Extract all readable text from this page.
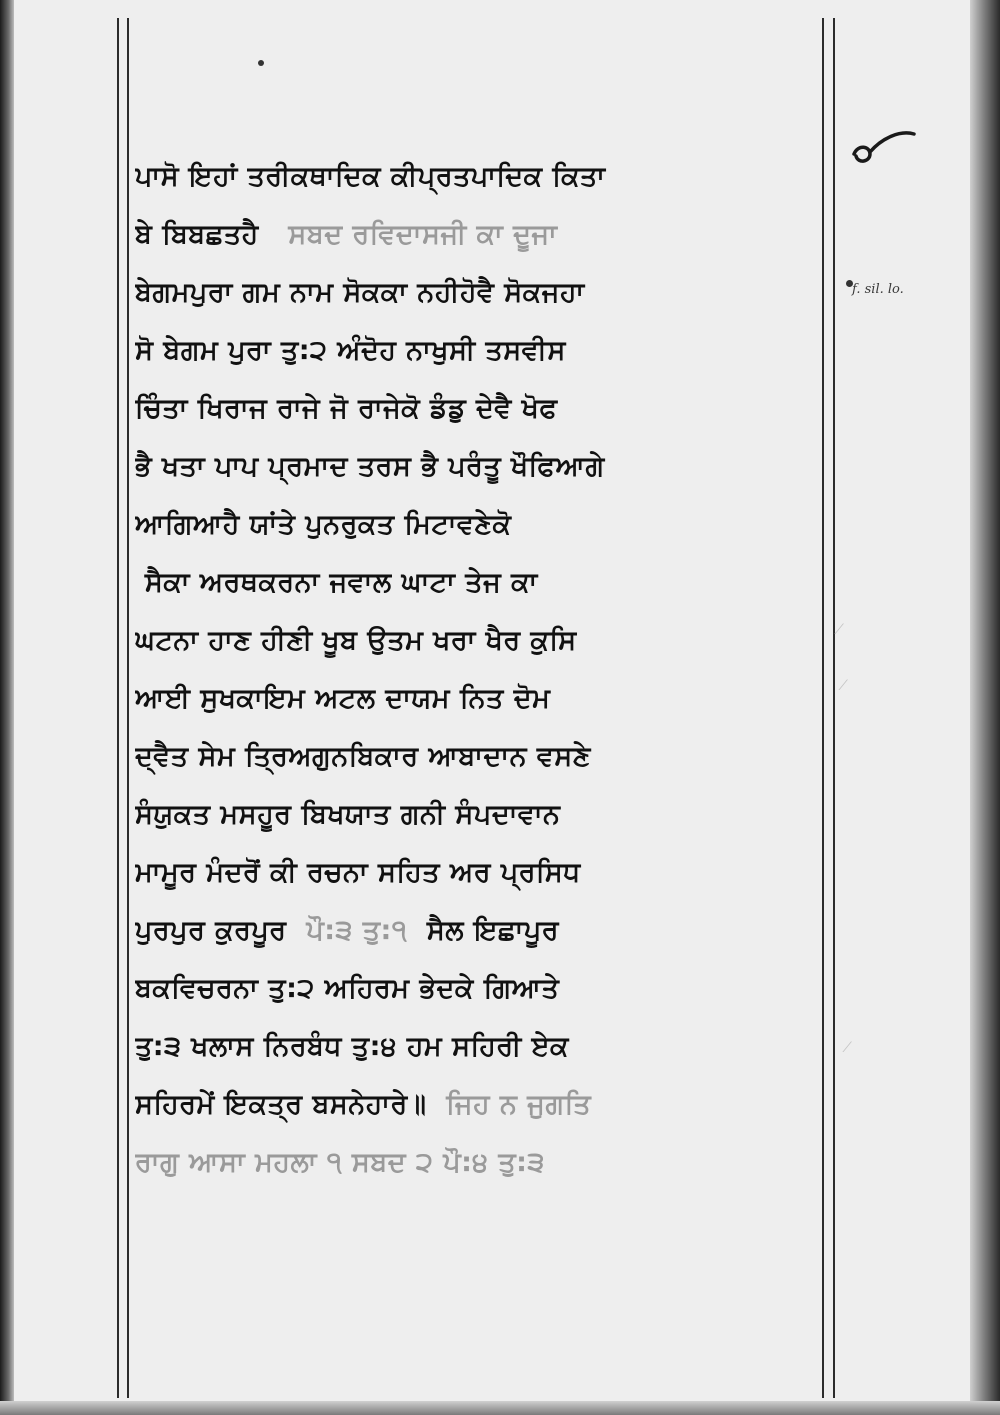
੮
f. sil. lo.
⁄
⁄
⁄
ਪਾਸੋ ਇਹਾਂ ਤਰੀਕਥਾਦਿਕ ਕੀਪ੍ਰਤਪਾਦਿਕ ਕਿਤਾ
ਬੇ ਬਿਬਛਤਹੈ ਸਬਦ ਰਵਿਦਾਸਜੀ ਕਾ ਦੂਜਾ
ਬੇਗਮਪੁਰਾ ਗਮ ਨਾਮ ਸੋਕਕਾ ਨਹੀਹੋਵੈ ਸੋਕਜਹਾ
ਸੋ ਬੇਗਮ ਪੁਰਾ ਤੁ:੨ ਅੰਦੋਹ ਨਾਖੁਸੀ ਤਸਵੀਸ
ਚਿੰਤਾ ਖਿਰਾਜ ਰਾਜੇ ਜੋ ਰਾਜੇਕੋ ਡੰਡੁ ਦੇਵੈ ਖੋਫ
ਭੈ ਖਤਾ ਪਾਪ ਪ੍ਰਮਾਦ ਤਰਸ ਭੈ ਪਰੰਤੂ ਖੌਫਿਆਗੇ
ਆਗਿਆਹੈ ਯਾਂਤੇ ਪੁਨਰੁਕਤ ਮਿਟਾਵਣੇਕੋ
ਸੈਕਾ ਅਰਥਕਰਨਾ ਜਵਾਲ ਘਾਟਾ ਤੇਜ ਕਾ
ਘਟਨਾ ਹਾਣ ਹੀਣੀ ਖੂਬ ਉਤਮ ਖਰਾ ਖੈਰ ਕੁਸਿ
ਆਈ ਸੁਖਕਾਇਮ ਅਟਲ ਦਾਯਮ ਨਿਤ ਦੋਮ
ਦ੍ਵੈਤ ਸੇਮ ਤ੍ਰਿਅਗੁਨਬਿਕਾਰ ਆਬਾਦਾਨ ਵਸਣੇ
ਸੰਯੁਕਤ ਮਸਹੂਰ ਬਿਖਯਾਤ ਗਨੀ ਸੰਪਦਾਵਾਨ
ਮਾਮੂਰ ਮੰਦਰੋਂ ਕੀ ਰਚਨਾ ਸਹਿਤ ਅਰ ਪ੍ਰਸਿਧ
ਪੁਰਪੁਰ ਕੁਰਪੂਰ ਪੌ:੩ ਤੁ:੧ ਸੈਲ ਇਛਾਪੂਰ
ਬਕਵਿਚਰਨਾ ਤੁ:੨ ਅਹਿਰਮ ਭੇਦਕੇ ਗਿਆਤੇ
ਤੁ:੩ ਖਲਾਸ ਨਿਰਬੰਧ ਤੁ:੪ ਹਮ ਸਹਿਰੀ ਏਕ
ਸਹਿਰਮੇਂ ਇਕਤ੍ਰ ਬਸਨੇਹਾਰੇ॥ ਜਿਹ ਨ ਜੁਗਤਿ
ਰਾਗੁ ਆਸਾ ਮਹਲਾ ੧ ਸਬਦ ੨ ਪੌ:੪ ਤੁ:੩
